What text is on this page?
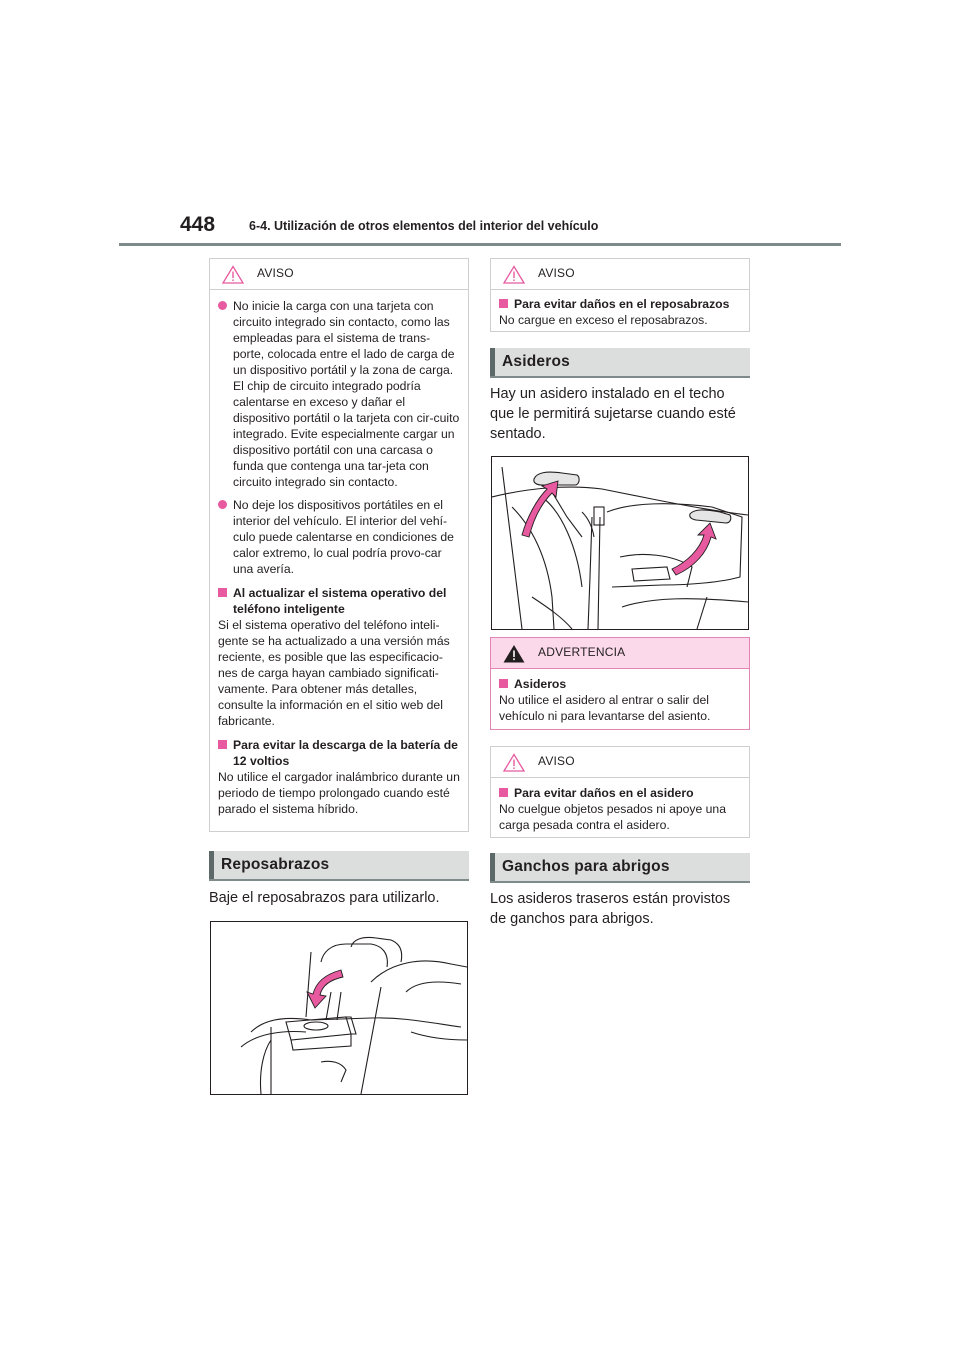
448	6-4. Utilización de otros elementos del interior del vehículo
AVISO

No inicie la carga con una tarjeta con circuito integrado sin contacto, como las empleadas para el sistema de trans-porte, colocada entre el lado de carga de un dispositivo portátil y la zona de carga. El chip de circuito integrado podría calentarse en exceso y dañar el dispositivo portátil o la tarjeta con cir-cuito integrado. Evite especialmente cargar un dispositivo portátil con una carcasa o funda que contenga una tar-jeta con circuito integrado sin contacto.

No deje los dispositivos portátiles en el interior del vehículo. El interior del vehí-culo puede calentarse en condiciones de calor extremo, lo cual podría provo-car una avería.

Al actualizar el sistema operativo del teléfono inteligente

Si el sistema operativo del teléfono inteli-gente se ha actualizado a una versión más reciente, es posible que las especificacio-nes de carga hayan cambiado significati-vamente. Para obtener más detalles, consulte la información en el sitio web del fabricante.

Para evitar la descarga de la batería de 12 voltios

No utilice el cargador inalámbrico durante un periodo de tiempo prolongado cuando esté parado el sistema híbrido.

Reposabrazos
Baje el reposabrazos para utilizarlo.
AVISO
Para evitar daños en el reposabrazos

No cargue en exceso el reposabrazos.

Asideros
Hay un asidero instalado en el techo que le permitirá sujetarse cuando esté sentado.
ADVERTENCIA
Asideros

No utilice el asidero al entrar o salir del vehículo ni para levantarse del asiento.

AVISO
Para evitar daños en el asidero

No cuelgue objetos pesados ni apoye una carga pesada contra el asidero.

Ganchos para abrigos
Los asideros traseros están provistos de ganchos para abrigos.
